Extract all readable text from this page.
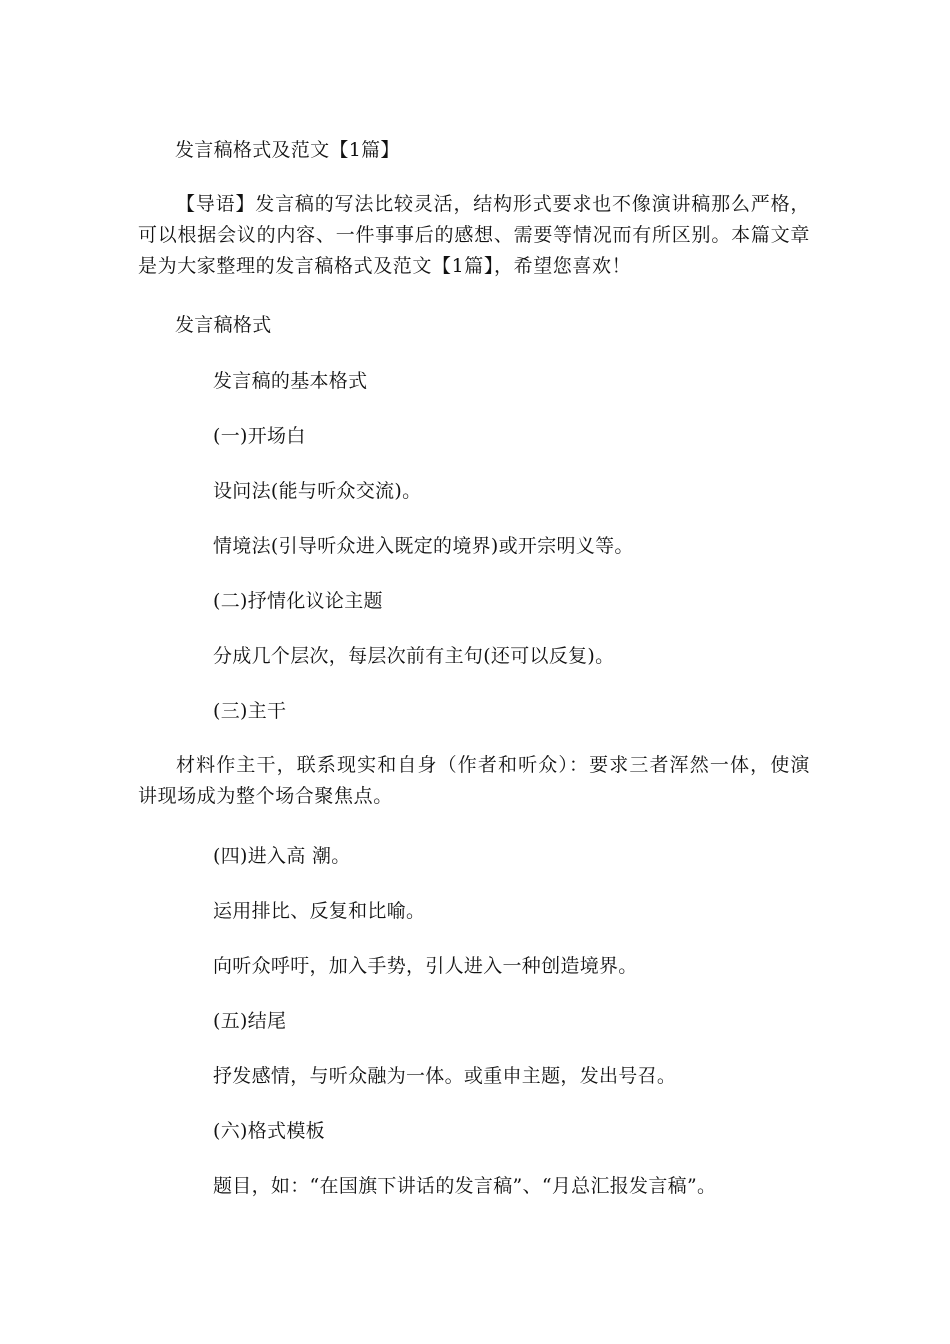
发言稿格式及范文【1篇】
【导语】发言稿的写法比较灵活，结构形式要求也不像演讲稿那么严格，可以根据会议的内容、一件事事后的感想、需要等情况而有所区别。本篇文章是为大家整理的发言稿格式及范文【1篇】，希望您喜欢！
发言稿格式
发言稿的基本格式
(一)开场白
设问法(能与听众交流)。
情境法(引导听众进入既定的境界)或开宗明义等。
(二)抒情化议论主题
分成几个层次，每层次前有主句(还可以反复)。
(三)主干
材料作主干，联系现实和自身（作者和听众）：要求三者浑然一体，使演讲现场成为整个场合聚焦点。
(四)进入高 潮。
运用排比、反复和比喻。
向听众呼吁，加入手势，引人进入一种创造境界。
(五)结尾
抒发感情，与听众融为一体。或重申主题，发出号召。
(六)格式模板
题目，如：“在国旗下讲话的发言稿”、“月总汇报发言稿”。
